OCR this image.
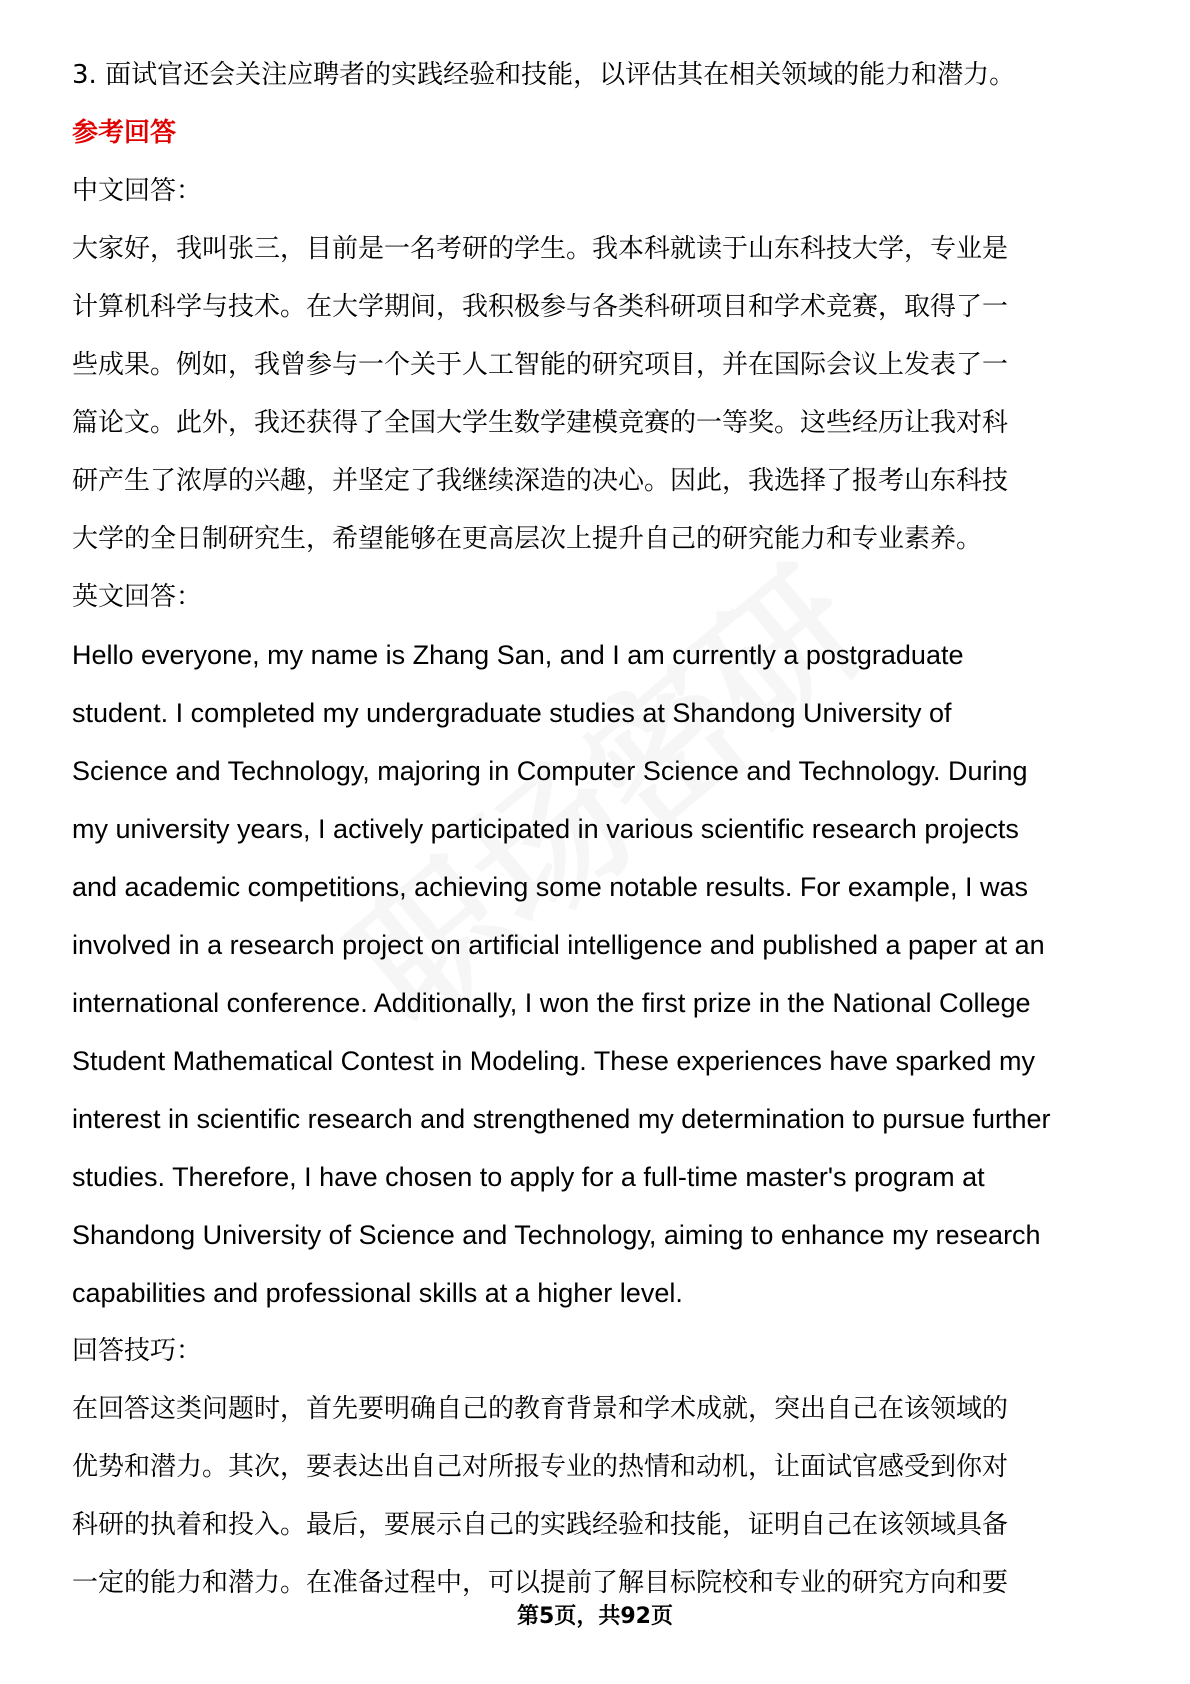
3. 面试官还会关注应聘者的实践经验和技能，以评估其在相关领域的能力和潜力。

参考回答

中文回答：

大家好，我叫张三，目前是一名考研的学生。我本科就读于山东科技大学，专业是

计算机科学与技术。在大学期间，我积极参与各类科研项目和学术竞赛，取得了一

些成果。例如，我曾参与一个关于人工智能的研究项目，并在国际会议上发表了一

篇论文。此外，我还获得了全国大学生数学建模竞赛的一等奖。这些经历让我对科

研产生了浓厚的兴趣，并坚定了我继续深造的决心。因此，我选择了报考山东科技

大学的全日制研究生，希望能够在更高层次上提升自己的研究能力和专业素养。

英文回答：

Hello everyone, my name is Zhang San, and I am currently a postgraduate

student. I completed my undergraduate studies at Shandong University of

Science and Technology, majoring in Computer Science and Technology. During

my university years, I actively participated in various scientific research projects

and academic competitions, achieving some notable results. For example, I was

involved in a research project on artificial intelligence and published a paper at an

international conference. Additionally, I won the first prize in the National College

Student Mathematical Contest in Modeling. These experiences have sparked my

interest in scientific research and strengthened my determination to pursue further

studies. Therefore, I have chosen to apply for a full-time master's program at

Shandong University of Science and Technology, aiming to enhance my research

capabilities and professional skills at a higher level.

回答技巧：

在回答这类问题时，首先要明确自己的教育背景和学术成就，突出自己在该领域的

优势和潜力。其次，要表达出自己对所报专业的热情和动机，让面试官感受到你对

科研的执着和投入。最后，要展示自己的实践经验和技能，证明自己在该领域具备

一定的能力和潜力。在准备过程中，可以提前了解目标院校和专业的研究方向和要

第5页，共92页
